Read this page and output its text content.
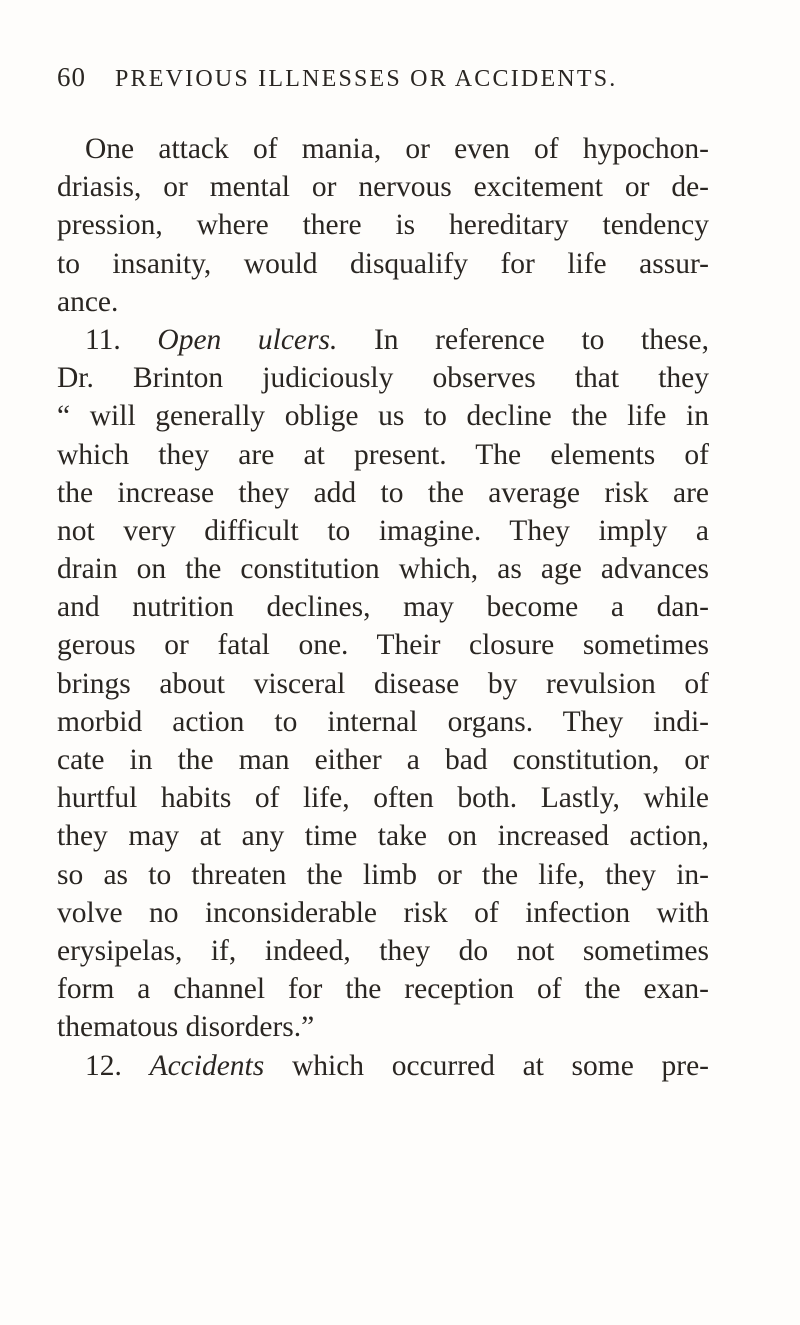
60 PREVIOUS ILLNESSES OR ACCIDENTS.
One attack of mania, or even of hypochon-
driasis, or mental or nervous excitement or de-
pression, where there is hereditary tendency
to insanity, would disqualify for life assur-
ance.
11. Open ulcers. In reference to these,
Dr. Brinton judiciously observes that they
“ will generally oblige us to decline the life in
which they are at present. The elements of
the increase they add to the average risk are
not very difficult to imagine. They imply a
drain on the constitution which, as age advances
and nutrition declines, may become a dan-
gerous or fatal one. Their closure sometimes
brings about visceral disease by revulsion of
morbid action to internal organs. They indi-
cate in the man either a bad constitution, or
hurtful habits of life, often both. Lastly, while
they may at any time take on increased action,
so as to threaten the limb or the life, they in-
volve no inconsiderable risk of infection with
erysipelas, if, indeed, they do not sometimes
form a channel for the reception of the exan-
thematous disorders.”
12. Accidents which occurred at some pre-
